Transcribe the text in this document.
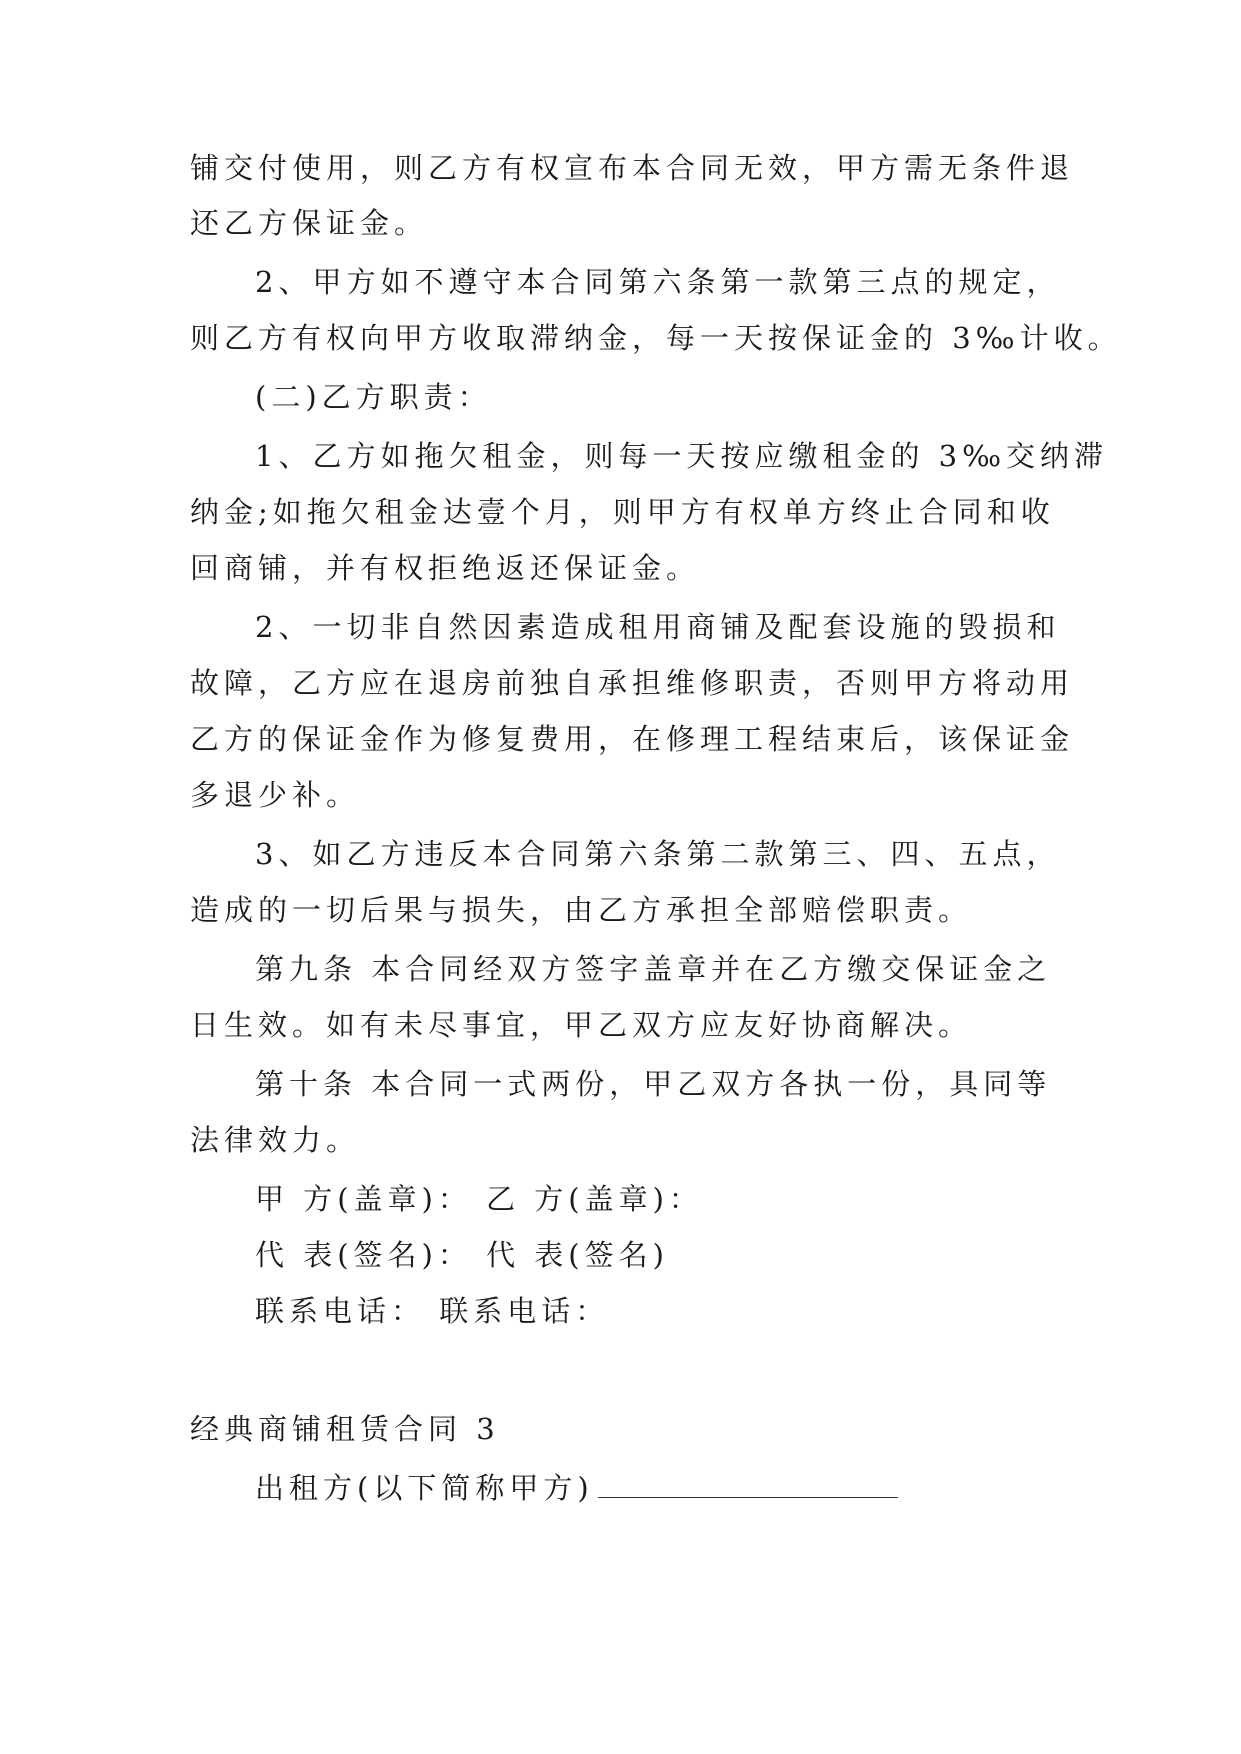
铺交付使用，则乙方有权宣布本合同无效，甲方需无条件退
还乙方保证金。
2、甲方如不遵守本合同第六条第一款第三点的规定，
则乙方有权向甲方收取滞纳金，每一天按保证金的 3‰计收。
(二)乙方职责：
1、乙方如拖欠租金，则每一天按应缴租金的 3‰交纳滞
纳金;如拖欠租金达壹个月，则甲方有权单方终止合同和收
回商铺，并有权拒绝返还保证金。
2、一切非自然因素造成租用商铺及配套设施的毁损和
故障，乙方应在退房前独自承担维修职责，否则甲方将动用
乙方的保证金作为修复费用，在修理工程结束后，该保证金
多退少补。
3、如乙方违反本合同第六条第二款第三、四、五点，
造成的一切后果与损失，由乙方承担全部赔偿职责。
第九条 本合同经双方签字盖章并在乙方缴交保证金之
日生效。如有未尽事宜，甲乙双方应友好协商解决。
第十条 本合同一式两份，甲乙双方各执一份，具同等
法律效力。
甲 方(盖章)： 乙 方(盖章)：
代 表(签名)： 代 表(签名)
联系电话： 联系电话：
经典商铺租赁合同 3
出租方(以下简称甲方)
